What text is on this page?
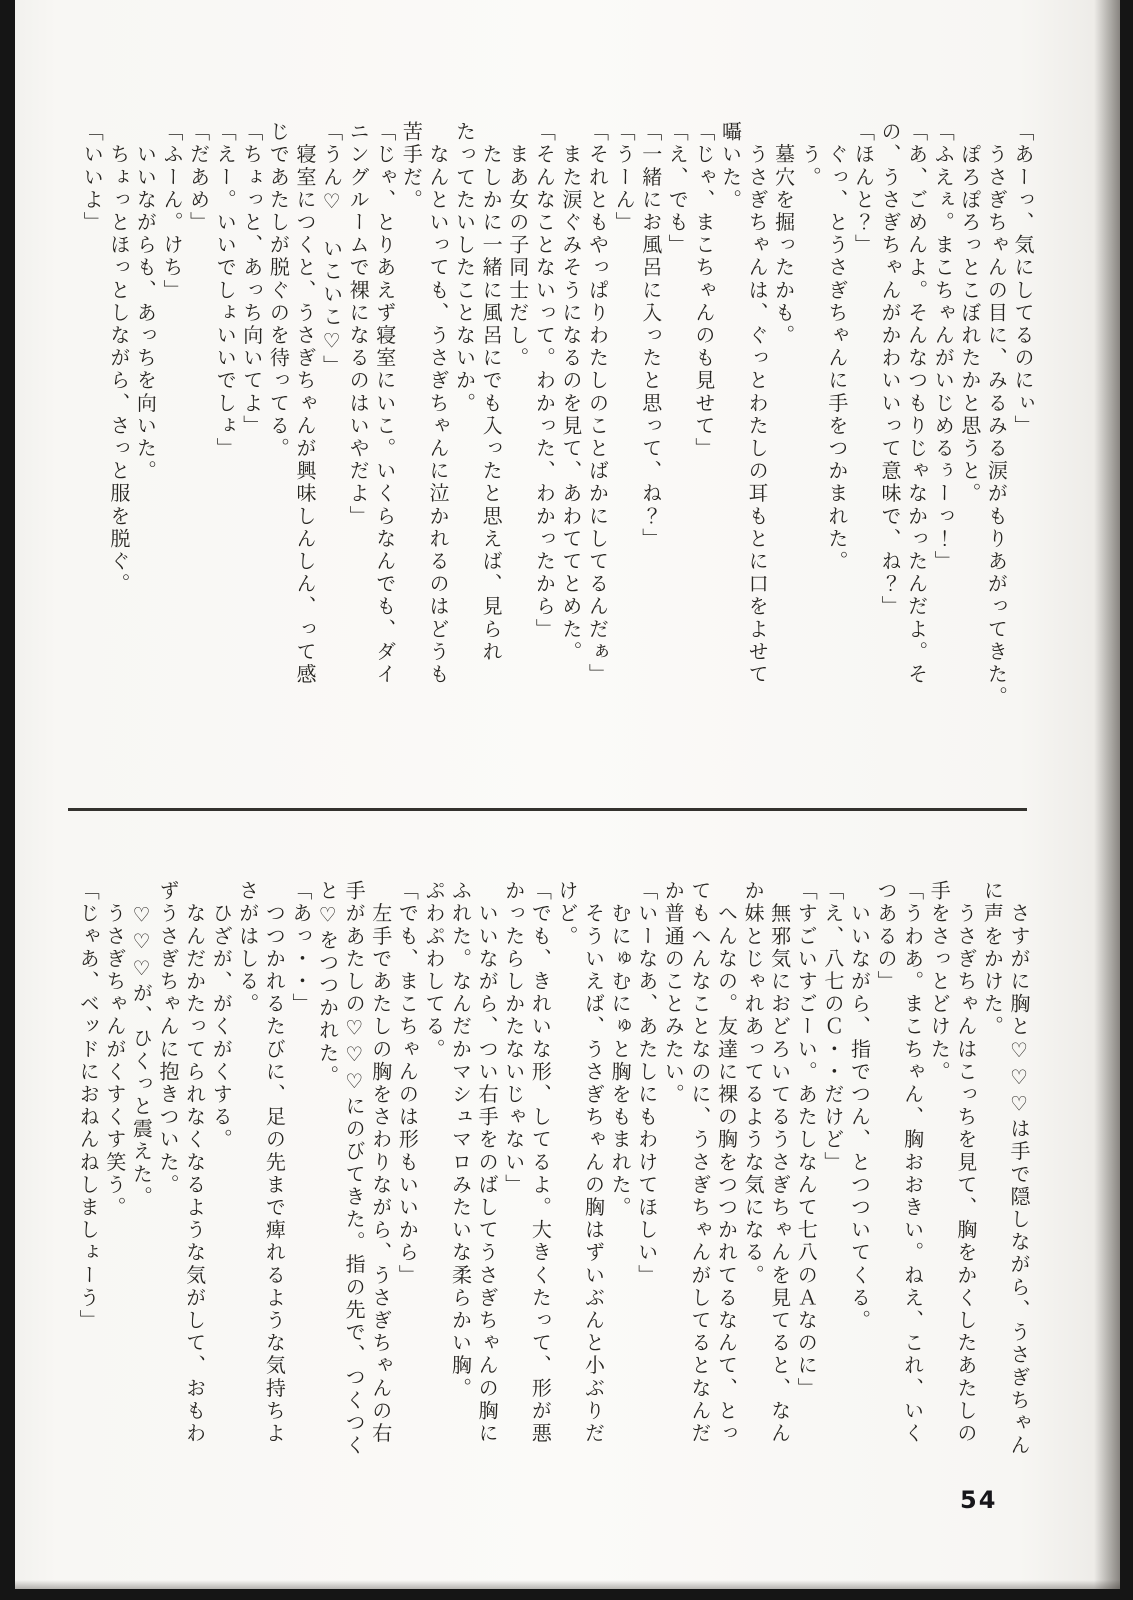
「あーっ、気にしてるのにぃ」
　うさぎちゃんの目に、みるみる涙がもりあがってきた。
　ぽろぽろっとこぼれたかと思うと。
「ふえぇ。まこちゃんがいじめるぅーっ！」
「あ、ごめんよ。そんなつもりじゃなかったんだよ。そ
の、うさぎちゃんがかわいいって意味で、ね？」
「ほんと？」
　ぐっ、とうさぎちゃんに手をつかまれた。
　う。
　墓穴を掘ったかも。
　うさぎちゃんは、ぐっとわたしの耳もとに口をよせて
囁いた。
「じゃ、まこちゃんのも見せて」
「え、でも」
「一緒にお風呂に入ったと思って、ね？」
「うーん」
「それともやっぱりわたしのことばかにしてるんだぁ」
　また涙ぐみそうになるのを見て、あわててとめた。
「そんなことないって。わかった、わかったから」
　まあ女の子同士だし。
　たしかに一緒に風呂にでも入ったと思えば、見られ
たってたいしたことないか。
　なんといっても、うさぎちゃんに泣かれるのはどうも
苦手だ。
「じゃ、とりあえず寝室にいこ。いくらなんでも、ダイ
ニングルームで裸になるのはいやだよ」
「うん♡　いこいこ♡」
　寝室につくと、うさぎちゃんが興味しんしん、って感
じであたしが脱ぐのを待ってる。
「ちょっと、あっち向いてよ」
「えー。いいでしょいいでしょ」
「だあめ」
「ふーん。けち」
　いいながらも、あっちを向いた。
　ちょっとほっとしながら、さっと服を脱ぐ。
「いいよ」
　さすがに胸と♡♡♡は手で隠しながら、うさぎちゃん
に声をかけた。
　うさぎちゃんはこっちを見て、胸をかくしたあたしの
手をさっとどけた。
「うわあ。まこちゃん、胸おおきい。ねえ、これ、いく
つあるの」
　いいながら、指でつん、とつついてくる。
「え、八七のＣ・・だけど」
「すごいすごーい。あたしなんて七八のＡなのに」
　無邪気におどろいてるうさぎちゃんを見てると、なん
か妹とじゃれあってるような気になる。
　へんなの。友達に裸の胸をつつかれてるなんて、とっ
てもへんなことなのに、うさぎちゃんがしてるとなんだ
か普通のことみたい。
「いーなあ、あたしにもわけてほしい」
　むにゅむにゅと胸をもまれた。
　そういえば、うさぎちゃんの胸はずいぶんと小ぶりだ
けど。
「でも、きれいな形、してるよ。大きくたって、形が悪
かったらしかたないじゃない」
　いいながら、つい右手をのばしてうさぎちゃんの胸に
ふれた。なんだかマシュマロみたいな柔らかい胸。
ぷわぷわしてる。
「でも、まこちゃんのは形もいいから」
　左手であたしの胸をさわりながら、うさぎちゃんの右
手があたしの♡♡♡にのびてきた。指の先で、つくつく
と♡をつつかれた。
「あっ・・」
　つつかれるたびに、足の先まで痺れるような気持ちよ
さがはしる。
　ひざが、がくがくする。
　なんだかたってられなくなるような気がして、おもわ
ずうさぎちゃんに抱きついた。
　♡♡♡が、ひくっと震えた。
　うさぎちゃんがくすくす笑う。
「じゃあ、ベッドにおねんねしましょーう」
54
